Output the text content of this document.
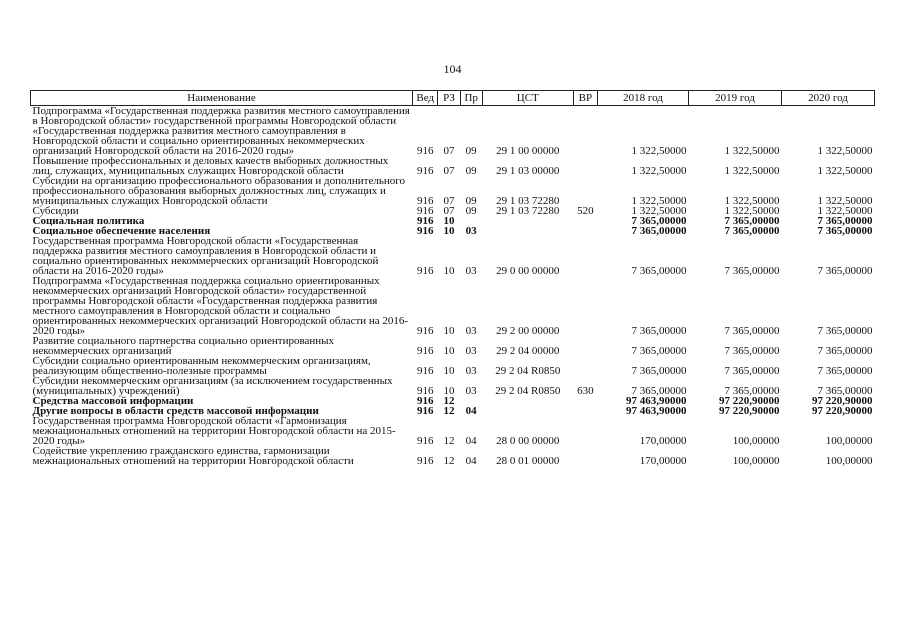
104
Наименование	Вед	РЗ	Пр	ЦСТ	ВР	2018 год	2019 год	2020 год
Подпрограмма «Государственная поддержка развития местного самоуправления в Новгородской области» государственной программы Новгородской области «Государственная поддержка развития местного самоуправления в Новгородской области и социально ориентированных некоммерческих организаций Новгородской области на 2016-2020 годы»	916	07	09	29 1 00 00000		1 322,50000	1 322,50000	1 322,50000
Повышение профессиональных и деловых качеств выборных должностных лиц, служащих, муниципальных служащих Новгородской области	916	07	09	29 1 03 00000		1 322,50000	1 322,50000	1 322,50000
Субсидии на организацию профессионального образования и дополнительного профессионального образования выборных должностных лиц, служащих и муниципальных служащих Новгородской области	916	07	09	29 1 03 72280		1 322,50000	1 322,50000	1 322,50000
Субсидии	916	07	09	29 1 03 72280	520	1 322,50000	1 322,50000	1 322,50000
Социальная политика	916	10				7 365,00000	7 365,00000	7 365,00000
Социальное обеспечение населения	916	10	03			7 365,00000	7 365,00000	7 365,00000
Государственная программа Новгородской области «Государственная поддержка развития местного самоуправления в Новгородской области и социально ориентированных некоммерческих организаций Новгородской области на 2016-2020 годы»	916	10	03	29 0 00 00000		7 365,00000	7 365,00000	7 365,00000
Подпрограмма «Государственная поддержка социально ориентированных некоммерческих организаций Новгородской области» государственной программы Новгородской области «Государственная поддержка развития местного самоуправления в Новгородской области и социально ориентированных некоммерческих организаций Новгородской области на 2016-2020 годы»	916	10	03	29 2 00 00000		7 365,00000	7 365,00000	7 365,00000
Развитие социального партнерства социально ориентированных некоммерческих организаций	916	10	03	29 2 04 00000		7 365,00000	7 365,00000	7 365,00000
Субсидии социально ориентированным некоммерческим организациям, реализующим общественно-полезные программы	916	10	03	29 2 04 R0850		7 365,00000	7 365,00000	7 365,00000
Субсидии некоммерческим организациям (за исключением государственных (муниципальных) учреждений)	916	10	03	29 2 04 R0850	630	7 365,00000	7 365,00000	7 365,00000
Средства массовой информации	916	12				97 463,90000	97 220,90000	97 220,90000
Другие вопросы в области средств массовой информации	916	12	04			97 463,90000	97 220,90000	97 220,90000
Государственная программа Новгородской области «Гармонизация межнациональных отношений на территории Новгородской области на 2015-2020 годы»	916	12	04	28 0 00 00000		170,00000	100,00000	100,00000
Содействие укреплению гражданского единства, гармонизации межнациональных отношений на территории Новгородской области	916	12	04	28 0 01 00000		170,00000	100,00000	100,00000
